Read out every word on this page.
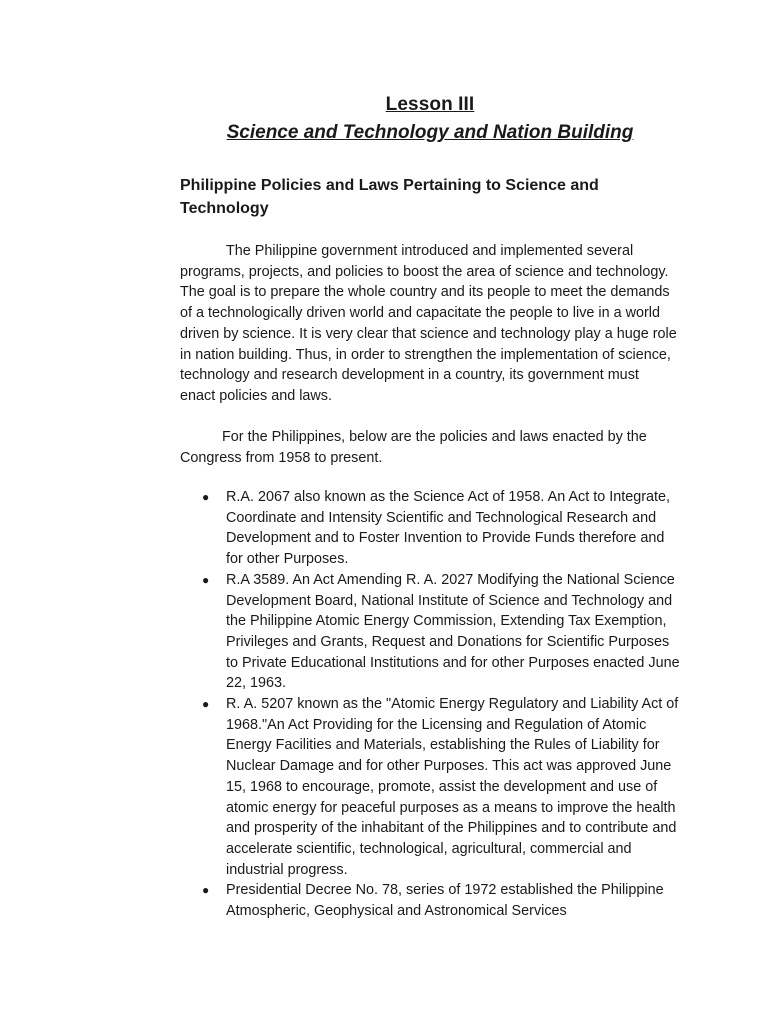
Lesson III
Science and Technology and Nation Building
Philippine Policies and Laws Pertaining to Science and Technology

The Philippine government introduced and implemented several programs, projects, and policies to boost the area of science and technology. The goal is to prepare the whole country and its people to meet the demands of a technologically driven world and capacitate the people to live in a world driven by science. It is very clear that science and technology play a huge role in nation building. Thus, in order to strengthen the implementation of science, technology and research development in a country, its government must enact policies and laws.

For the Philippines, below are the policies and laws enacted by the Congress from 1958 to present.

● R.A. 2067 also known as the Science Act of 1958. An Act to Integrate, Coordinate and Intensity Scientific and Technological Research and Development and to Foster Invention to Provide Funds therefore and for other Purposes.
● R.A 3589. An Act Amending R. A. 2027 Modifying the National Science Development Board, National Institute of Science and Technology and the Philippine Atomic Energy Commission, Extending Tax Exemption, Privileges and Grants, Request and Donations for Scientific Purposes to Private Educational Institutions and for other Purposes enacted June 22, 1963.
● R. A. 5207 known as the "Atomic Energy Regulatory and Liability Act of 1968."An Act Providing for the Licensing and Regulation of Atomic Energy Facilities and Materials, establishing the Rules of Liability for Nuclear Damage and for other Purposes. This act was approved June 15, 1968 to encourage, promote, assist the development and use of atomic energy for peaceful purposes as a means to improve the health and prosperity of the inhabitant of the Philippines and to contribute and accelerate scientific, technological, agricultural, commercial and industrial progress.
● Presidential Decree No. 78, series of 1972 established the Philippine Atmospheric, Geophysical and Astronomical Services
